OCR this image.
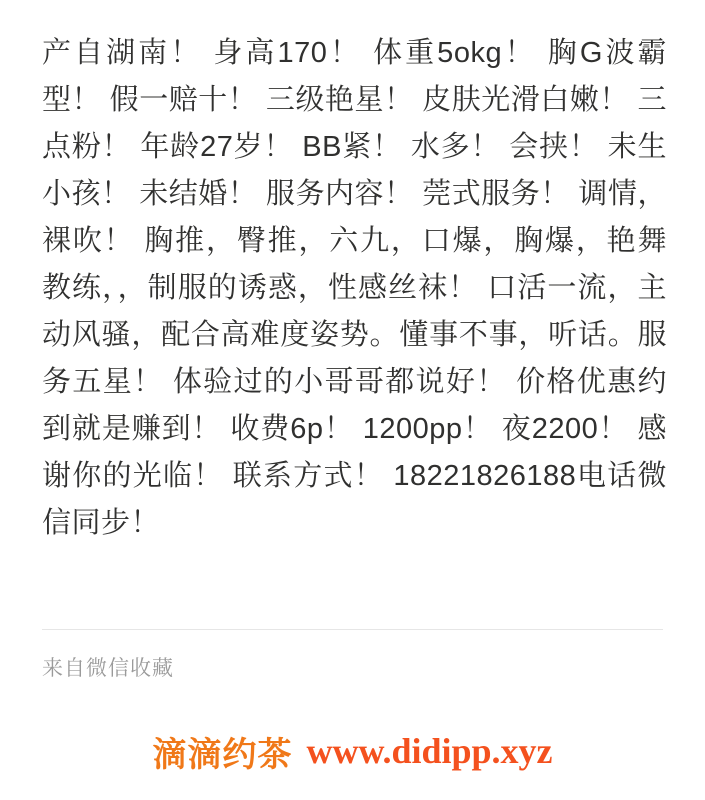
产自湖南！ 身高170！ 体重5okg！ 胸G波霸型！ 假一赔十！ 三级艳星！ 皮肤光滑白嫩！ 三点粉！ 年龄27岁！ BB紧！ 水多！ 会挟！ 未生小孩！ 未结婚！ 服务内容！ 莞式服务！ 调情，裸吹！ 胸推，臀推，六九，口爆，胸爆，艳舞教练，，制服的诱惑，性感丝袜！ 口活一流，主动风骚，配合高难度姿势。懂事不事，听话。服务五星！ 体验过的小哥哥都说好！ 价格优惠约到就是赚到！ 收费6p！ 1200pp！ 夜2200！ 感谢你的光临！ 联系方式！ 18221826188电话微信同步！
来自微信收藏
滴滴约茶 www.didipp.xyz
